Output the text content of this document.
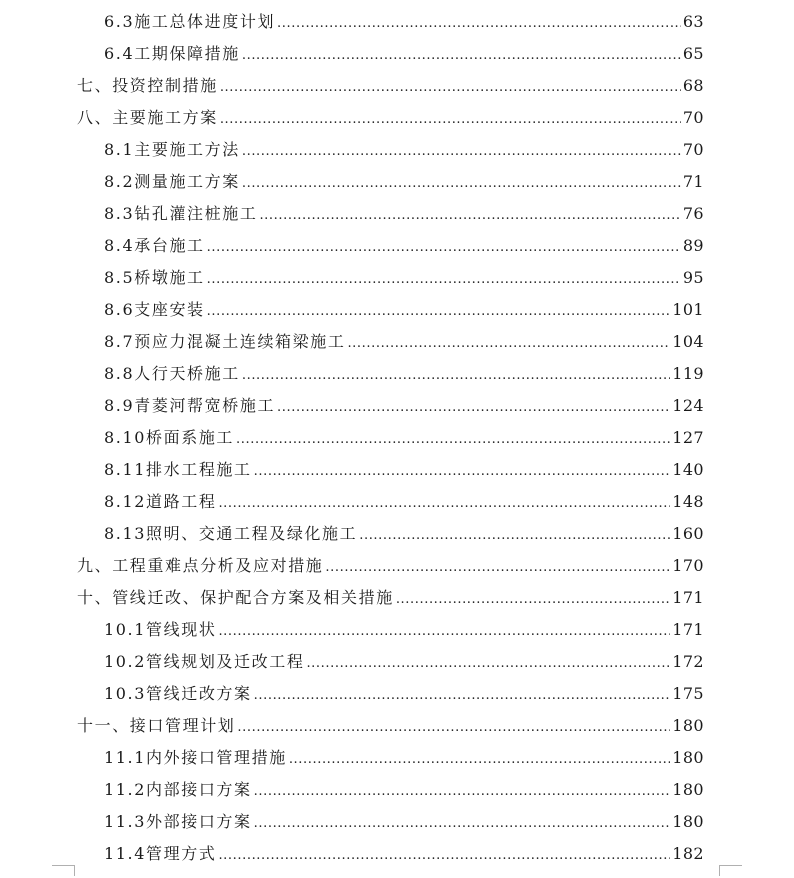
6.3施工总体进度计划 .....	63
6.4工期保障措施 .....	65
七、投资控制措施 .....	68
八、主要施工方案 .....	70
8.1主要施工方法 .....	70
8.2测量施工方案 .....	71
8.3钻孔灌注桩施工 .....	76
8.4承台施工 .....	89
8.5桥墩施工 .....	95
8.6支座安装 .....	101
8.7预应力混凝土连续箱梁施工 .....	104
8.8人行天桥施工 .....	119
8.9青菱河帮宽桥施工 .....	124
8.10桥面系施工 .....	127
8.11排水工程施工 .....	140
8.12道路工程 .....	148
8.13照明、交通工程及绿化施工 .....	160
九、工程重难点分析及应对措施 .....	170
十、管线迁改、保护配合方案及相关措施 .....	171
10.1管线现状 .....	171
10.2管线规划及迁改工程 .....	172
10.3管线迁改方案 .....	175
十一、接口管理计划 .....	180
11.1内外接口管理措施 .....	180
11.2内部接口方案 .....	180
11.3外部接口方案 .....	180
11.4管理方式 .....	182
